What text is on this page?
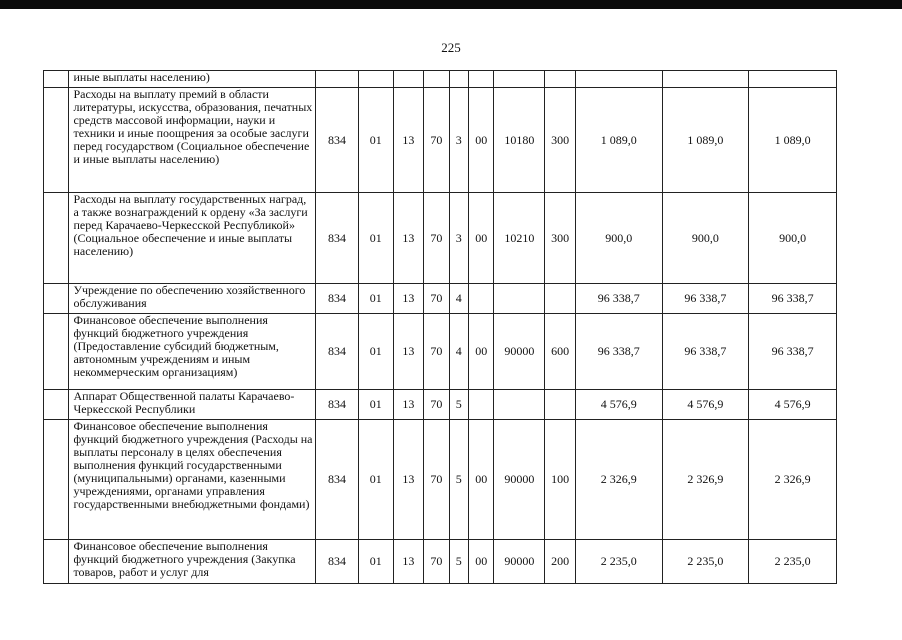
225
	иные выплаты населению)											
	Расходы на выплату премий в области литературы, искусства, образования, печатных средств массовой информации, науки и техники и иные поощрения за особые заслуги перед государством (Социальное обеспечение и иные выплаты населению)	834	01	13	70	3	00	10180	300	1 089,0	1 089,0	1 089,0
	Расходы на выплату государственных наград, а также вознаграждений к ордену «За заслуги перед Карачаево-Черкесской Республикой» (Социальное обеспечение и иные выплаты населению)	834	01	13	70	3	00	10210	300	900,0	900,0	900,0
	Учреждение по обеспечению хозяйственного обслуживания	834	01	13	70	4				96 338,7	96 338,7	96 338,7
	Финансовое обеспечение выполнения функций бюджетного учреждения (Предоставление субсидий бюджетным, автономным учреждениям и иным некоммерческим организациям)	834	01	13	70	4	00	90000	600	96 338,7	96 338,7	96 338,7
	Аппарат Общественной палаты Карачаево-Черкесской Республики	834	01	13	70	5				4 576,9	4 576,9	4 576,9
	Финансовое обеспечение выполнения функций бюджетного учреждения (Расходы на выплаты персоналу в целях обеспечения выполнения функций государственными (муниципальными) органами, казенными учреждениями, органами управления государственными внебюджетными фондами)	834	01	13	70	5	00	90000	100	2 326,9	2 326,9	2 326,9
	Финансовое обеспечение выполнения функций бюджетного учреждения (Закупка товаров, работ и услуг для	834	01	13	70	5	00	90000	200	2 235,0	2 235,0	2 235,0
